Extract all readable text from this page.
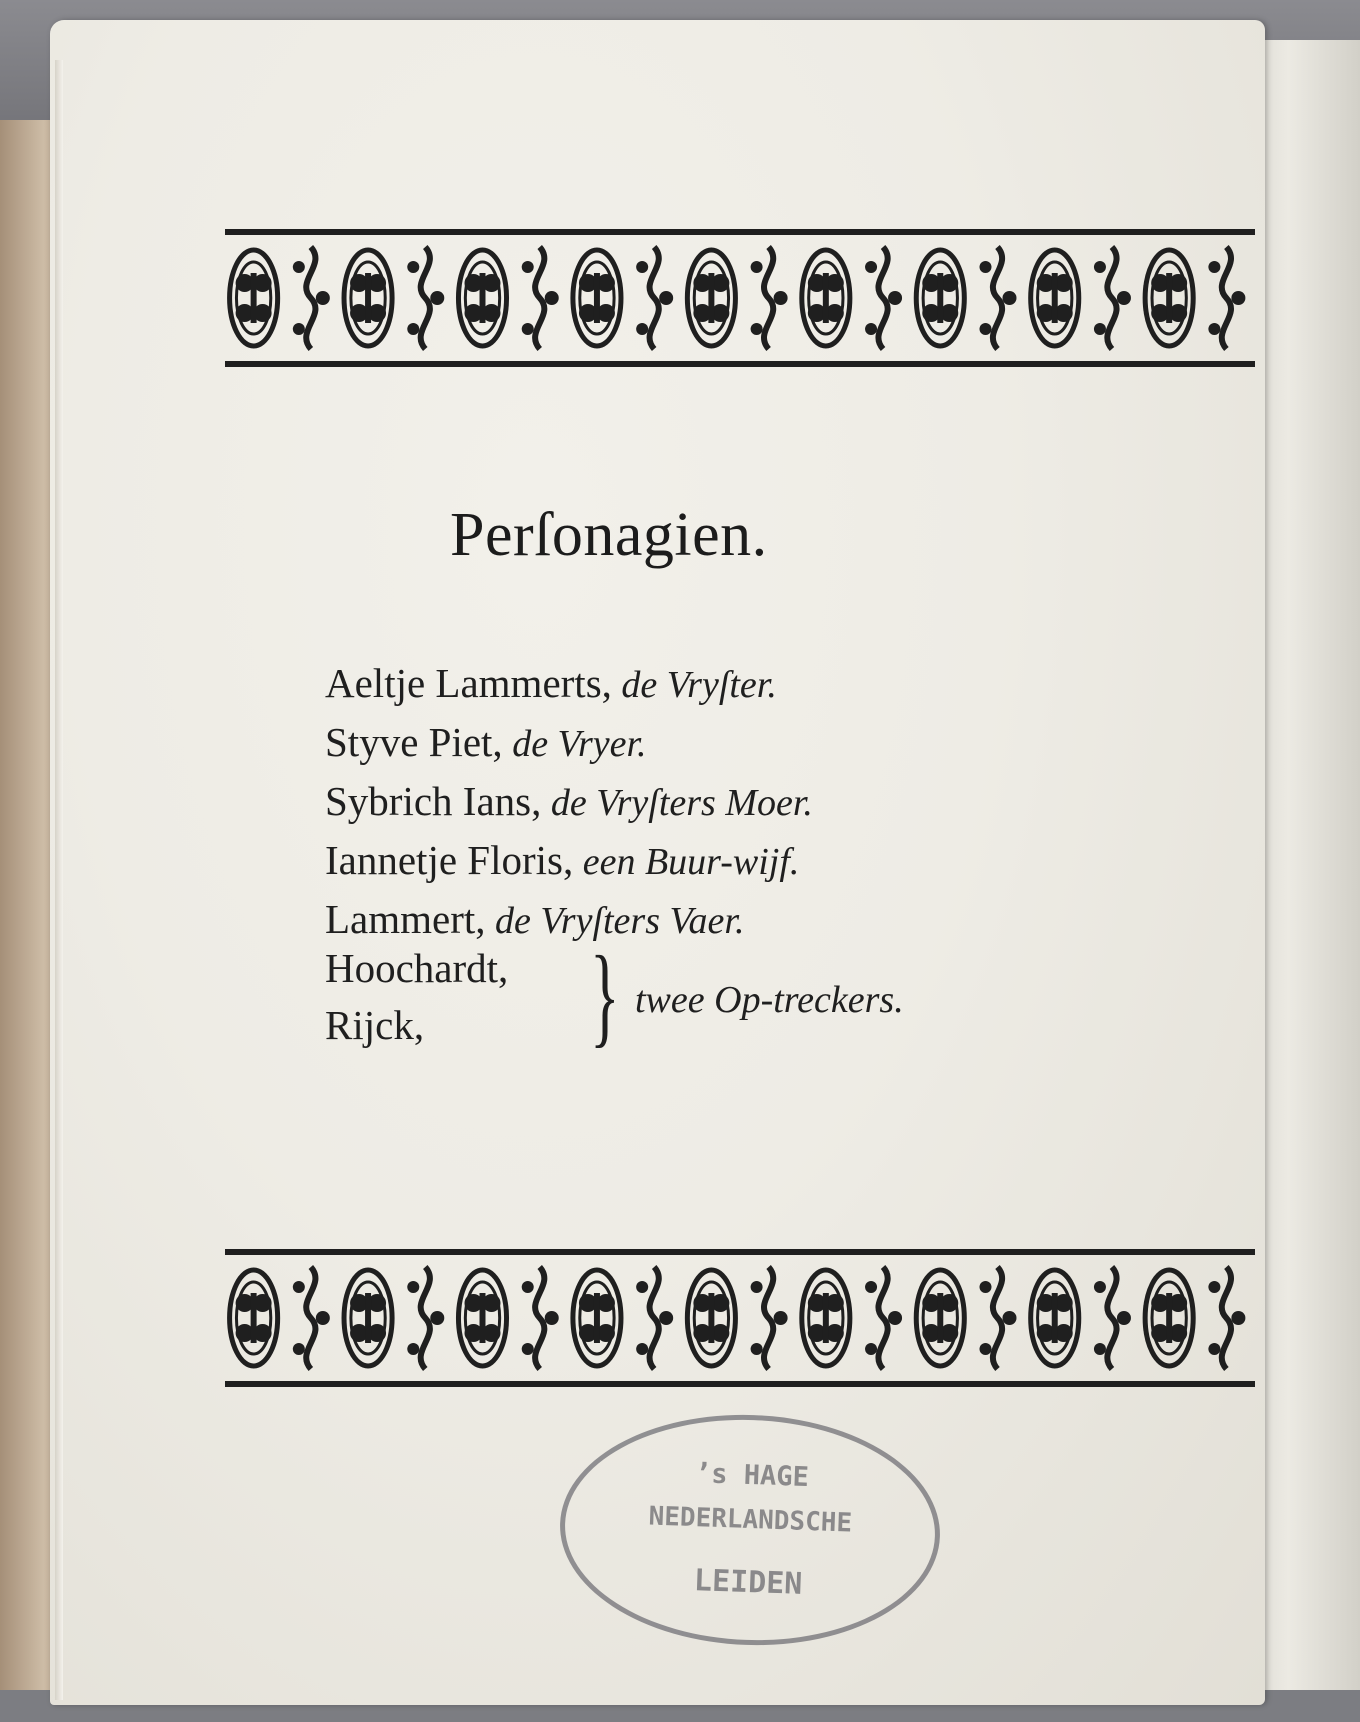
Perſonagien.
Aeltje Lammerts, de Vryſter.
Styve Piet, de Vryer.
Sybrich Ians, de Vryſters Moer.
Iannetje Floris, een Buur-wijf.
Lammert, de Vryſters Vaer.
Hoochardt,
Rijck,	} twee Op-treckers.
’s HAGE
NEDERLANDSCHE
LEIDEN
